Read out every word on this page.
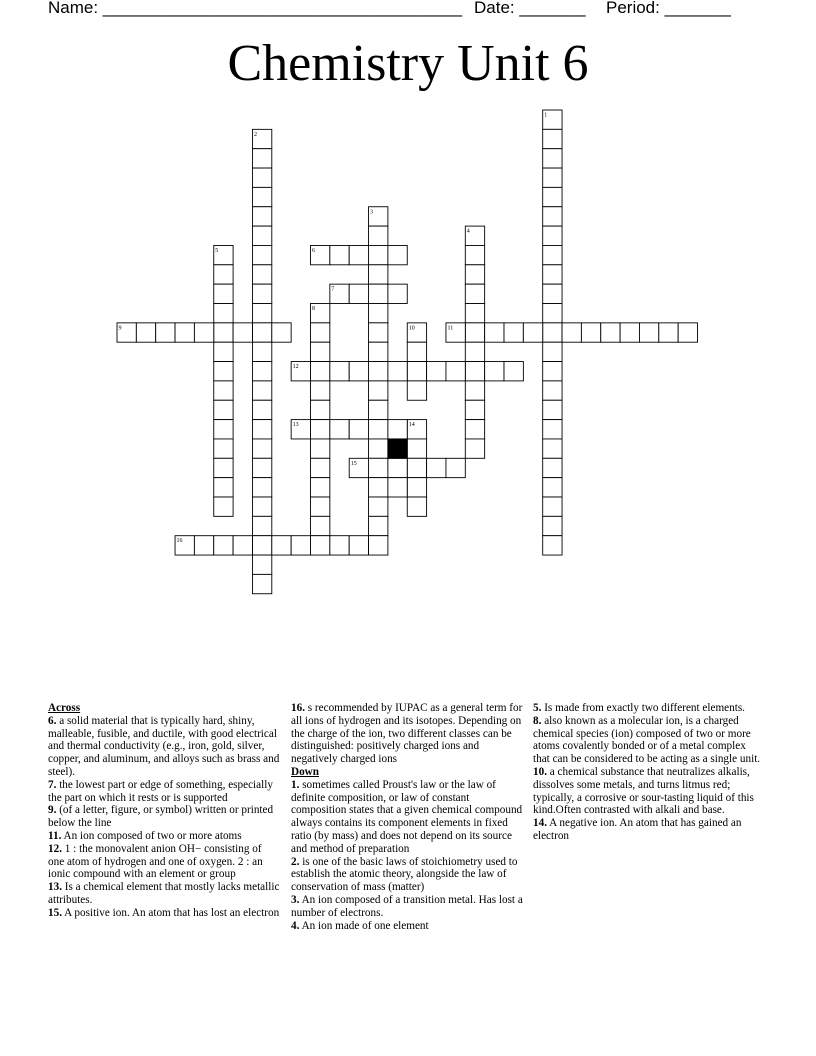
Name: ______________________________________ Date: _______ Period: _______
Chemistry Unit 6
1
2
3
4
5	6
7
8
9	10	11
12
13	14
15
16

Across

6. a solid material that is typically hard, shiny, malleable, fusible, and ductile, with good electrical and thermal conductivity (e.g., iron, gold, silver, copper, and aluminum, and alloys such as brass and steel).

7. the lowest part or edge of something, especially the part on which it rests or is supported

9. (of a letter, figure, or symbol) written or printed below the line

11. An ion composed of two or more atoms

12. 1 : the monovalent anion OH− consisting of one atom of hydrogen and one of oxygen. 2 : an ionic compound with an element or group

13. Is a chemical element that mostly lacks metallic attributes.

15. A positive ion. An atom that has lost an electron

16. s recommended by IUPAC as a general term for all ions of hydrogen and its isotopes. Depending on the charge of the ion, two different classes can be distinguished: positively charged ions and negatively charged ions

Down

1. sometimes called Proust's law or the law of definite composition, or law of constant composition states that a given chemical compound always contains its component elements in fixed ratio (by mass) and does not depend on its source and method of preparation

2. is one of the basic laws of stoichiometry used to establish the atomic theory, alongside the law of conservation of mass (matter)

3. An ion composed of a transition metal. Has lost a number of electrons.

4. An ion made of one element

5. Is made from exactly two different elements.

8. also known as a molecular ion, is a charged chemical species (ion) composed of two or more atoms covalently bonded or of a metal complex that can be considered to be acting as a single unit.

10. a chemical substance that neutralizes alkalis, dissolves some metals, and turns litmus red; typically, a corrosive or sour-tasting liquid of this kind.Often contrasted with alkali and base.

14. A negative ion. An atom that has gained an electron
